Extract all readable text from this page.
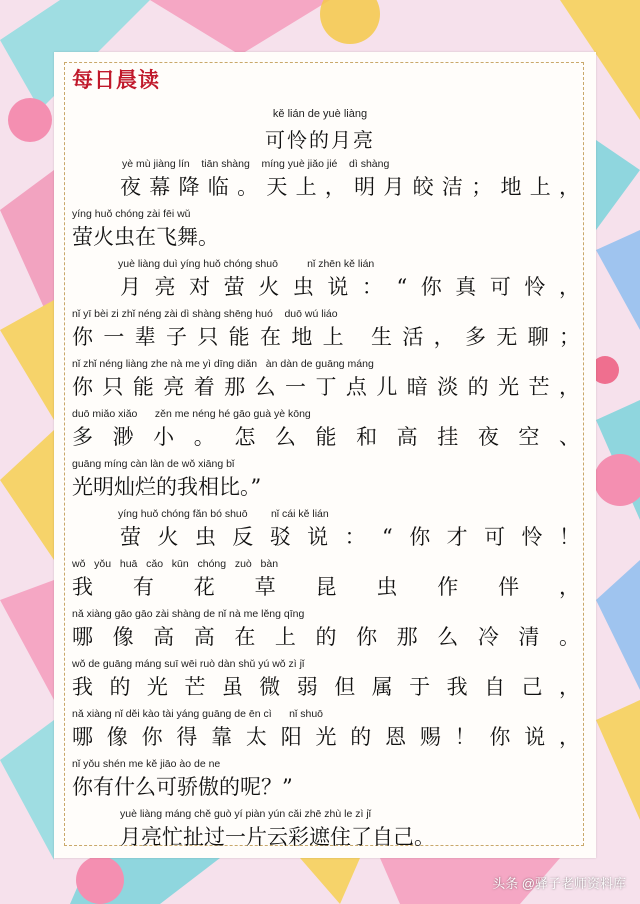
每日晨读
kě lián de yuè liàng
可怜的月亮
yè mù jiàng lín    tiān shàng    míng yuè jiǎo jié    dì shàng
夜幕降临。天上，明月皎洁；地上，
yíng huǒ chóng zài fēi wǔ
萤火虫在飞舞。
yuè liàng duì yíng huǒ chóng shuō          nǐ zhēn kě lián
月亮对萤火虫说：“你真可怜，
nǐ yī bèi zi zhǐ néng zài dì shàng shēng huó    duō wú liáo
你一辈子只能在地上 生活，多无聊；
nǐ zhǐ néng liàng zhe nà me yì dīng diǎn   àn dàn de guāng máng
你只能亮着那么一丁点儿暗淡的光芒，
duō miǎo xiǎo      zěn me néng hé gāo guà yè kōng
多渺小。怎么能和高挂夜空、
guāng míng càn làn de wǒ xiāng bǐ
光明灿烂的我相比。”
yíng huǒ chóng fǎn bó shuō        nǐ cái kě lián
萤火虫反驳说：“你才可怜！
wǒ   yǒu   huā   cǎo   kūn   chóng   zuò   bàn
我有花草昆虫作伴，
nǎ xiàng gāo gāo zài shàng de nǐ nà me lěng qīng
哪像高高在上的你那么冷清。
wǒ de guāng máng suī wēi ruò dàn shǔ yú wǒ zì jǐ
我的光芒虽微弱但属于我自己，
nǎ xiàng nǐ děi kào tài yáng guāng de ēn cì      nǐ shuō
哪像你得靠太阳光的恩赐！你说，
nǐ yǒu shén me kě jiāo ào de ne
你有什么可骄傲的呢？”
yuè liàng máng chě guò yí piàn yún cǎi zhē zhù le zì jǐ
月亮忙扯过一片云彩遮住了自己。
头条 @驿子老师资料库
